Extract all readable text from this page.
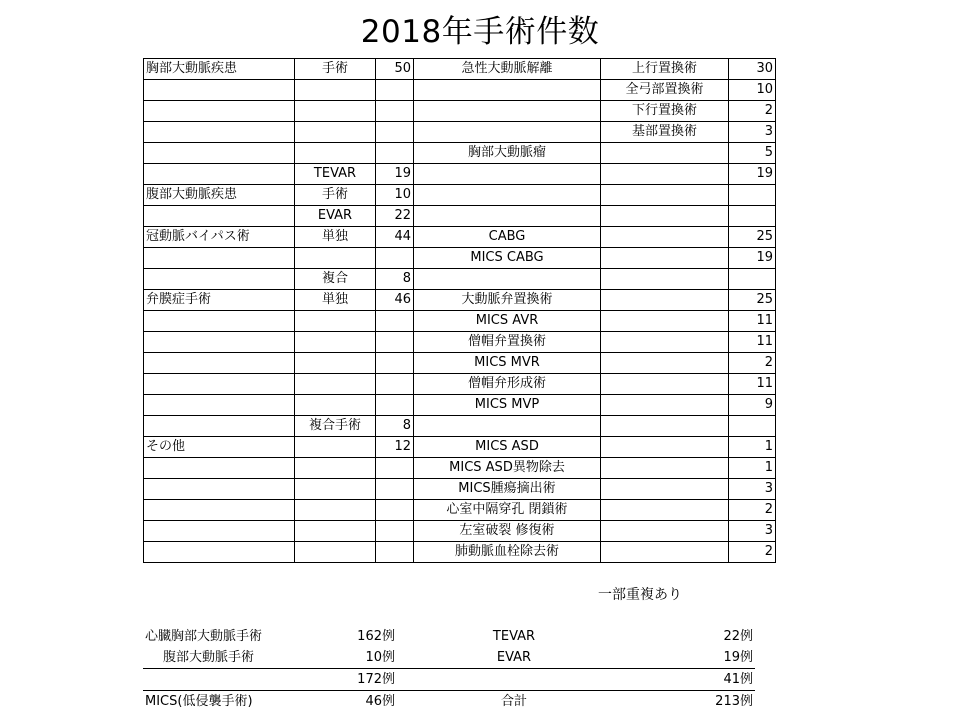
2018年手術件数
胸部大動脈疾患	手術	50	急性大動脈解離	上行置換術	30
				全弓部置換術	10
				下行置換術	2
				基部置換術	3
			胸部大動脈瘤		5
	TEVAR	19			19
腹部大動脈疾患	手術	10			
	EVAR	22			
冠動脈バイパス術	単独	44	CABG		25
			MICS CABG		19
	複合	8			
弁膜症手術	単独	46	大動脈弁置換術		25
			MICS AVR		11
			僧帽弁置換術		11
			MICS MVR		2
			僧帽弁形成術		11
			MICS MVP		9
	複合手術	8			
その他		12	MICS ASD		1
			MICS ASD異物除去		1
			MICS腫瘍摘出術		3
			心室中隔穿孔 閉鎖術		2
			左室破裂 修復術		3
			肺動脈血栓除去術		2
一部重複あり
心臓胸部大動脈手術	162例	TEVAR	22例
腹部大動脈手術	10例	EVAR	19例
	172例		41例
MICS(低侵襲手術)	46例	合計	213例
